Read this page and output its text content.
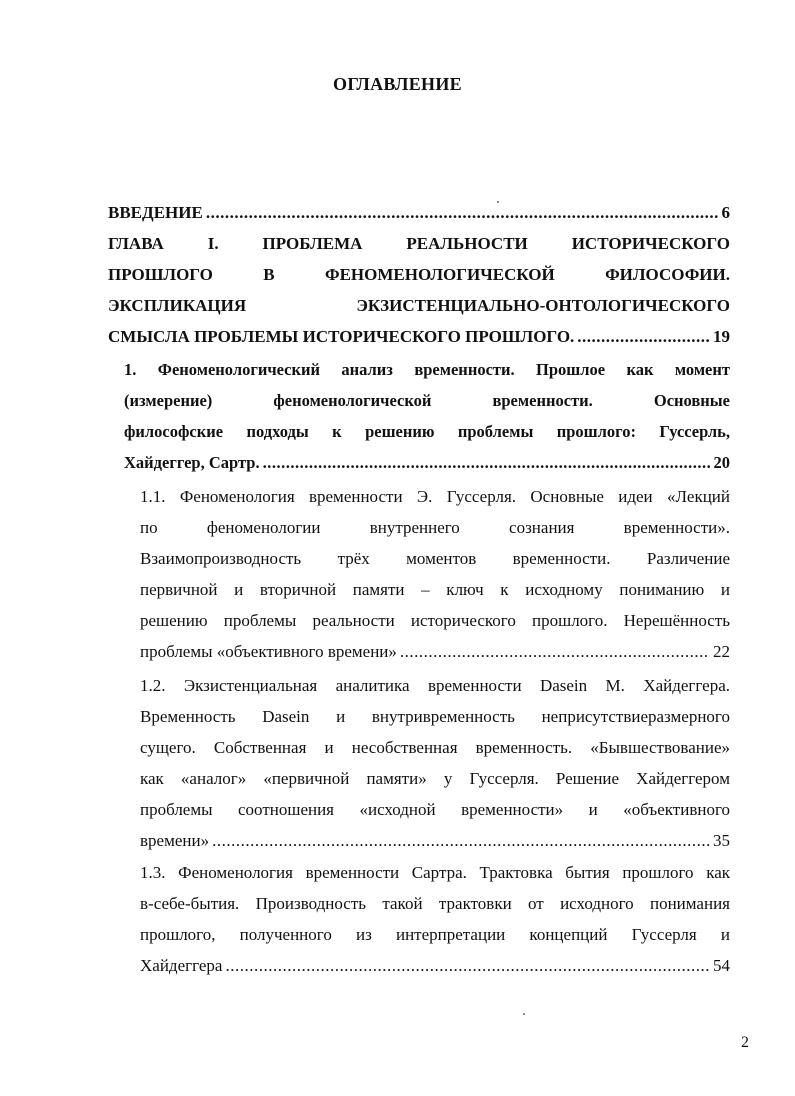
ОГЛАВЛЕНИЕ
ВВЕДЕНИЕ .....	6
ГЛАВА I. ПРОБЛЕМА РЕАЛЬНОСТИ ИСТОРИЧЕСКОГО
ПРОШЛОГО В ФЕНОМЕНОЛОГИЧЕСКОЙ ФИЛОСОФИИ.
ЭКСПЛИКАЦИЯ ЭКЗИСТЕНЦИАЛЬНО-ОНТОЛОГИЧЕСКОГО
СМЫСЛА ПРОБЛЕМЫ ИСТОРИЧЕСКОГО ПРОШЛОГО. .....	19
1. Феноменологический анализ временности. Прошлое как момент
(измерение) феноменологической временности. Основные
философские подходы к решению проблемы прошлого: Гуссерль,
Хайдеггер, Сартр. .....	20
1.1. Феноменология временности Э. Гуссерля. Основные идеи «Лекций
по феноменологии внутреннего сознания временности».
Взаимопроизводность трёх моментов временности. Различение
первичной и вторичной памяти – ключ к исходному пониманию и
решению проблемы реальности исторического прошлого. Нерешённость
проблемы «объективного времени» .....	22
1.2. Экзистенциальная аналитика временности Dasein М. Хайдеггера.
Временность Dasein и внутривременность неприсутствиеразмерного
сущего. Собственная и несобственная временность. «Бывшествование»
как «аналог» «первичной памяти» у Гуссерля. Решение Хайдеггером
проблемы соотношения «исходной временности» и «объективного
времени» .....	35
1.3. Феноменология временности Сартра. Трактовка бытия прошлого как
в-себе-бытия. Производность такой трактовки от исходного понимания
прошлого, полученного из интерпретации концепций Гуссерля и
Хайдеггера .....	54
2
